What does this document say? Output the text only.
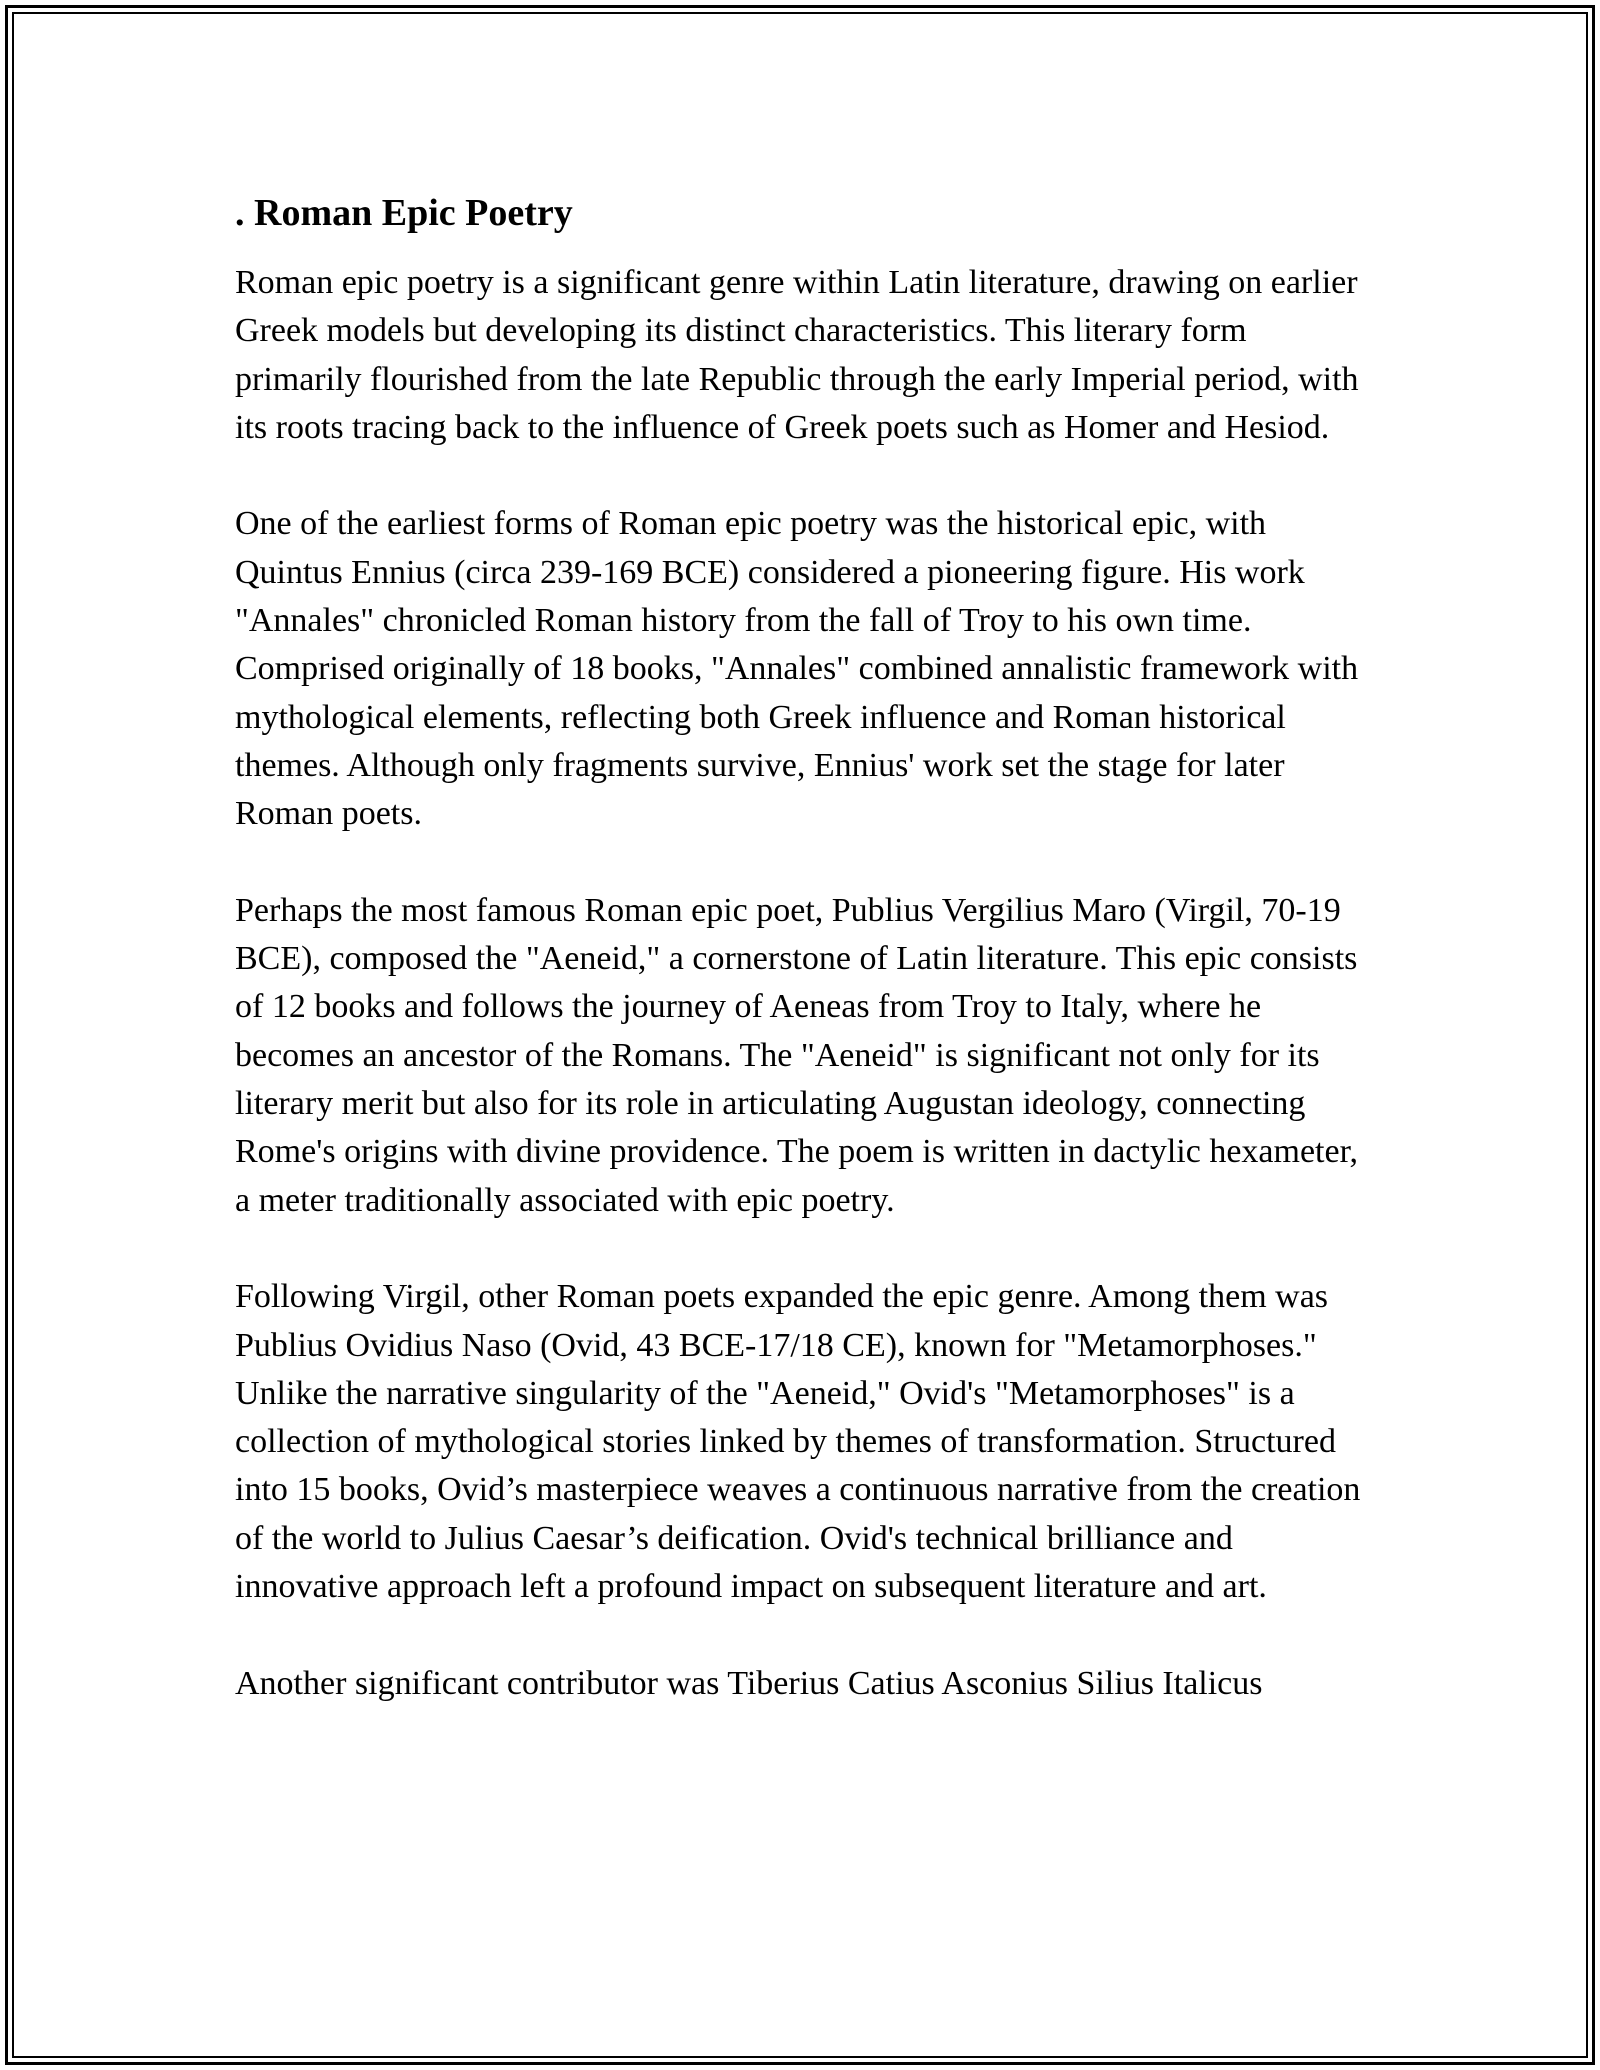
. Roman Epic Poetry

Roman epic poetry is a significant genre within Latin literature, drawing on earlier Greek models but developing its distinct characteristics. This literary form primarily flourished from the late Republic through the early Imperial period, with its roots tracing back to the influence of Greek poets such as Homer and Hesiod.

One of the earliest forms of Roman epic poetry was the historical epic, with Quintus Ennius (circa 239-169 BCE) considered a pioneering figure. His work "Annales" chronicled Roman history from the fall of Troy to his own time. Comprised originally of 18 books, "Annales" combined annalistic framework with mythological elements, reflecting both Greek influence and Roman historical themes. Although only fragments survive, Ennius' work set the stage for later Roman poets.

Perhaps the most famous Roman epic poet, Publius Vergilius Maro (Virgil, 70-19 BCE), composed the "Aeneid," a cornerstone of Latin literature. This epic consists of 12 books and follows the journey of Aeneas from Troy to Italy, where he becomes an ancestor of the Romans. The "Aeneid" is significant not only for its literary merit but also for its role in articulating Augustan ideology, connecting Rome's origins with divine providence. The poem is written in dactylic hexameter, a meter traditionally associated with epic poetry.

Following Virgil, other Roman poets expanded the epic genre. Among them was Publius Ovidius Naso (Ovid, 43 BCE-17/18 CE), known for "Metamorphoses." Unlike the narrative singularity of the "Aeneid," Ovid's "Metamorphoses" is a collection of mythological stories linked by themes of transformation. Structured into 15 books, Ovid’s masterpiece weaves a continuous narrative from the creation of the world to Julius Caesar’s deification. Ovid's technical brilliance and innovative approach left a profound impact on subsequent literature and art.

Another significant contributor was Tiberius Catius Asconius Silius Italicus
